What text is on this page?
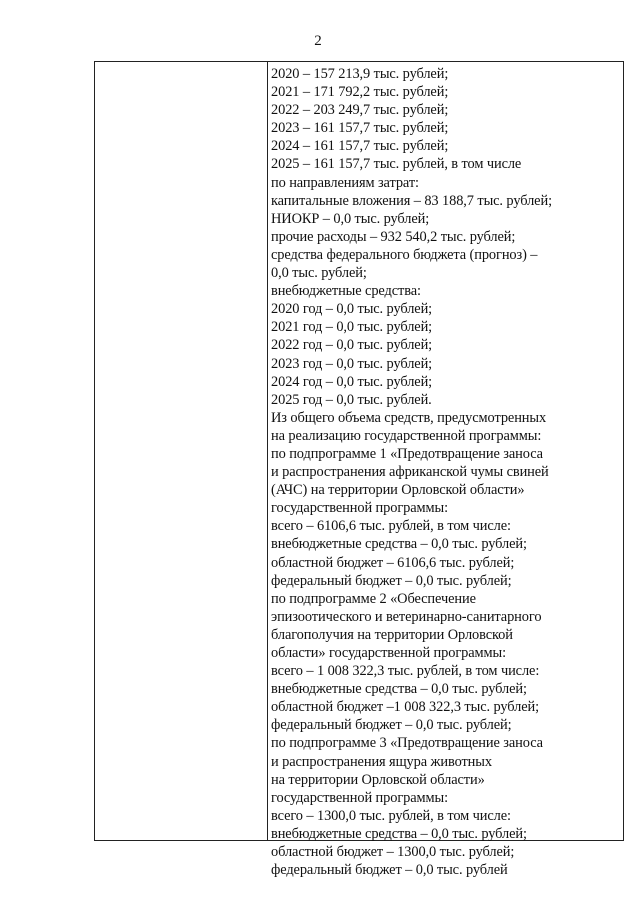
2
2020 – 157 213,9 тыс. рублей;
2021 – 171 792,2 тыс. рублей;
2022 – 203 249,7 тыс. рублей;
2023 – 161 157,7 тыс. рублей;
2024 – 161 157,7 тыс. рублей;
2025 – 161 157,7 тыс. рублей, в том числе
по направлениям затрат:
капитальные вложения – 83 188,7 тыс. рублей;
НИОКР – 0,0 тыс. рублей;
прочие расходы – 932 540,2 тыс. рублей;
средства федерального бюджета (прогноз) –
0,0 тыс. рублей;
внебюджетные средства:
2020 год – 0,0 тыс. рублей;
2021 год – 0,0 тыс. рублей;
2022 год – 0,0 тыс. рублей;
2023 год – 0,0 тыс. рублей;
2024 год – 0,0 тыс. рублей;
2025 год – 0,0 тыс. рублей.
Из общего объема средств, предусмотренных
на реализацию государственной программы:
по подпрограмме 1 «Предотвращение заноса
и распространения африканской чумы свиней
(АЧС) на территории Орловской области»
государственной программы:
всего – 6106,6 тыс. рублей, в том числе:
внебюджетные средства – 0,0 тыс. рублей;
областной бюджет – 6106,6 тыс. рублей;
федеральный бюджет – 0,0 тыс. рублей;
по подпрограмме 2 «Обеспечение
эпизоотического и ветеринарно-санитарного
благополучия на территории Орловской
области» государственной программы:
всего – 1 008 322,3 тыс. рублей, в том числе:
внебюджетные средства – 0,0 тыс. рублей;
областной бюджет –1 008 322,3 тыс. рублей;
федеральный бюджет – 0,0 тыс. рублей;
по подпрограмме 3 «Предотвращение заноса
и распространения ящура животных
на территории Орловской области»
государственной программы:
всего – 1300,0 тыс. рублей, в том числе:
внебюджетные средства – 0,0 тыс. рублей;
областной бюджет – 1300,0 тыс. рублей;
федеральный бюджет – 0,0 тыс. рублей
